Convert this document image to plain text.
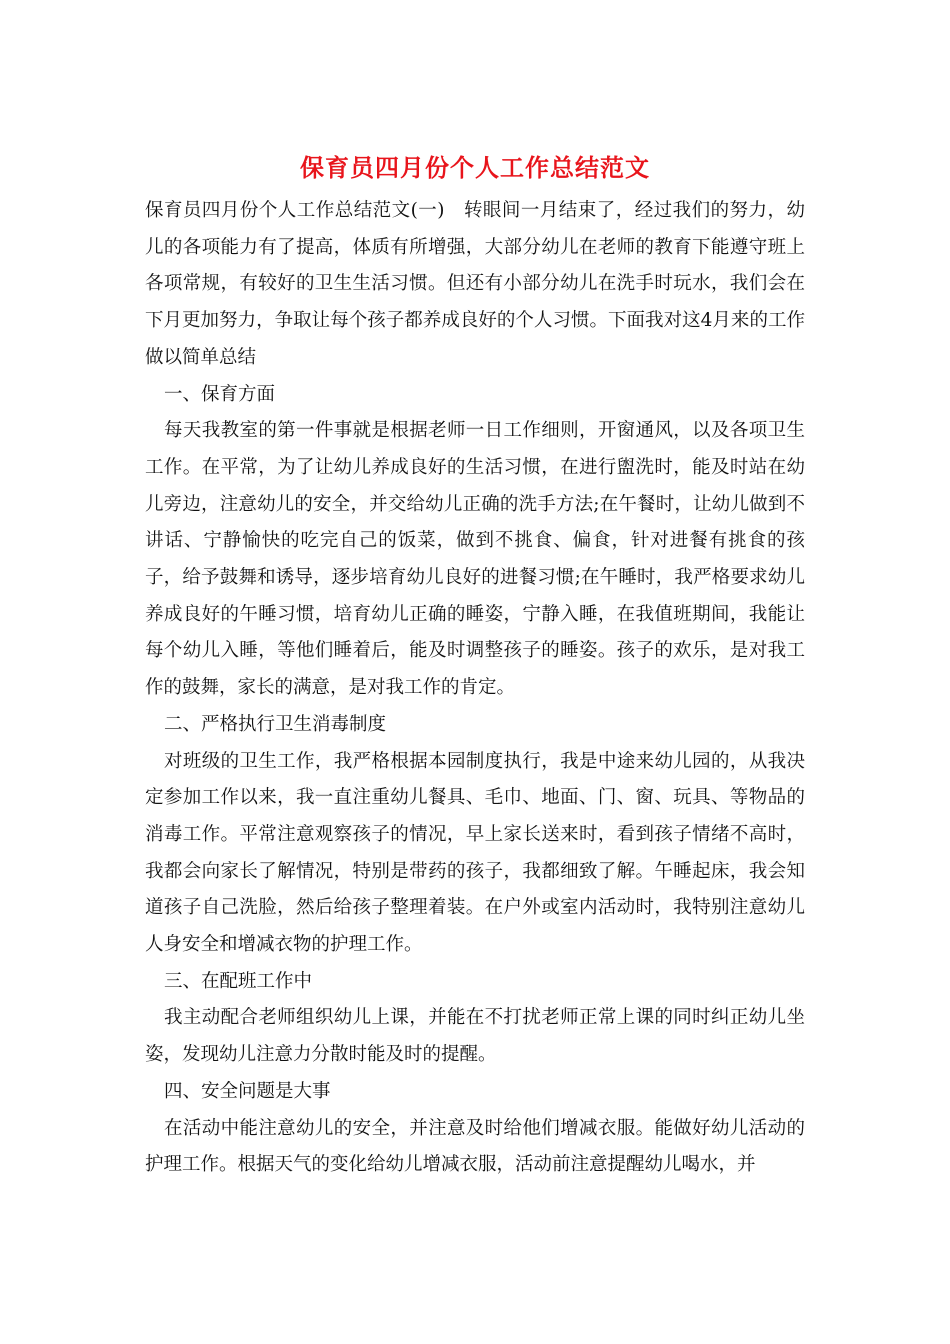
保育员四月份个人工作总结范文

保育员四月份个人工作总结范文(一)　转眼间一月结束了，经过我们的努力，幼儿的各项能力有了提高，体质有所增强，大部分幼儿在老师的教育下能遵守班上各项常规，有较好的卫生生活习惯。但还有小部分幼儿在洗手时玩水，我们会在下月更加努力，争取让每个孩子都养成良好的个人习惯。下面我对这4月来的工作做以简单总结

一、保育方面

每天我教室的第一件事就是根据老师一日工作细则，开窗通风，以及各项卫生工作。在平常，为了让幼儿养成良好的生活习惯，在进行盥洗时，能及时站在幼儿旁边，注意幼儿的安全，并交给幼儿正确的洗手方法;在午餐时，让幼儿做到不讲话、宁静愉快的吃完自己的饭菜，做到不挑食、偏食，针对进餐有挑食的孩子，给予鼓舞和诱导，逐步培育幼儿良好的进餐习惯;在午睡时，我严格要求幼儿养成良好的午睡习惯，培育幼儿正确的睡姿，宁静入睡，在我值班期间，我能让每个幼儿入睡，等他们睡着后，能及时调整孩子的睡姿。孩子的欢乐，是对我工作的鼓舞，家长的满意，是对我工作的肯定。

二、严格执行卫生消毒制度

对班级的卫生工作，我严格根据本园制度执行，我是中途来幼儿园的，从我决定参加工作以来，我一直注重幼儿餐具、毛巾、地面、门、窗、玩具、等物品的消毒工作。平常注意观察孩子的情况，早上家长送来时，看到孩子情绪不高时，我都会向家长了解情况，特别是带药的孩子，我都细致了解。午睡起床，我会知道孩子自己洗脸，然后给孩子整理着装。在户外或室内活动时，我特别注意幼儿人身安全和增减衣物的护理工作。

三、在配班工作中

我主动配合老师组织幼儿上课，并能在不打扰老师正常上课的同时纠正幼儿坐姿，发现幼儿注意力分散时能及时的提醒。

四、安全问题是大事

在活动中能注意幼儿的安全，并注意及时给他们增减衣服。能做好幼儿活动的护理工作。根据天气的变化给幼儿增减衣服，活动前注意提醒幼儿喝水，并
